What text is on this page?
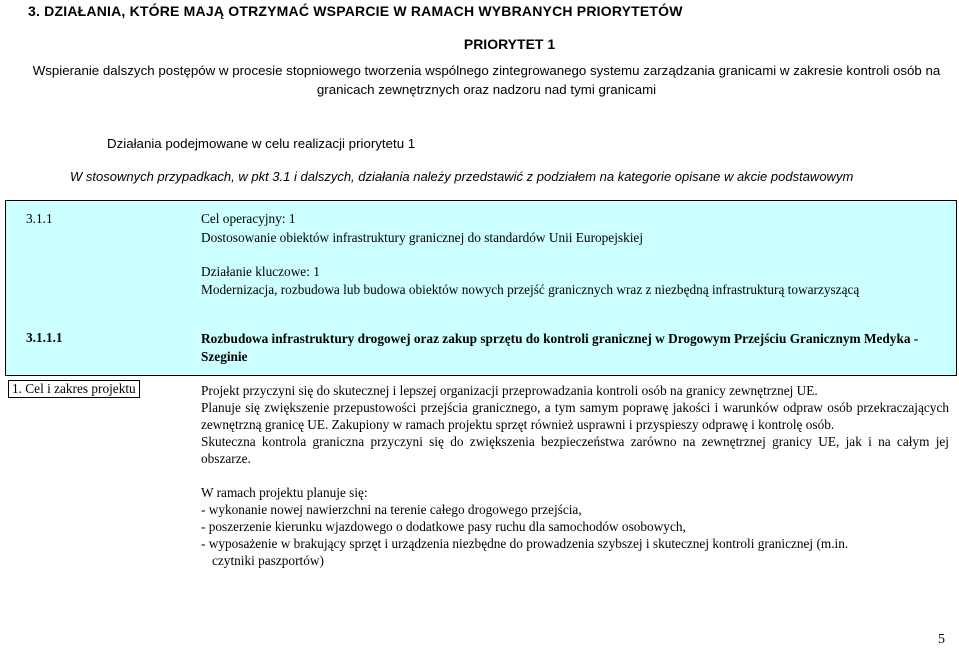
3. DZIAŁANIA, KTÓRE MAJĄ OTRZYMAĆ WSPARCIE W RAMACH WYBRANYCH PRIORYTETÓW
PRIORYTET 1
Wspieranie dalszych postępów w procesie stopniowego tworzenia wspólnego zintegrowanego systemu zarządzania granicami w zakresie kontroli osób na granicach zewnętrznych oraz nadzoru nad tymi granicami
Działania podejmowane w celu realizacji priorytetu 1
W stosownych przypadkach, w pkt 3.1 i dalszych, działania należy przedstawić z podziałem na kategorie opisane w akcie podstawowym
3.1.1	Cel operacyjny: 1
Dostosowanie obiektów infrastruktury granicznej do standardów Unii Europejskiej
Działanie kluczowe: 1
Modernizacja, rozbudowa lub budowa obiektów nowych przejść granicznych wraz z niezbędną infrastrukturą towarzyszącą
3.1.1.1	Rozbudowa infrastruktury drogowej oraz zakup sprzętu do kontroli granicznej w Drogowym Przejściu Granicznym Medyka - Szeginie
1. Cel i zakres projektu	Projekt przyczyni się do skutecznej i lepszej organizacji przeprowadzania kontroli osób na granicy zewnętrznej UE.

Planuje się zwiększenie przepustowości przejścia granicznego, a tym samym poprawę jakości i warunków odpraw osób przekraczających zewnętrzną granicę UE. Zakupiony w ramach projektu sprzęt również usprawni i przyspieszy odprawę i kontrolę osób.

Skuteczna kontrola graniczna przyczyni się do zwiększenia bezpieczeństwa zarówno na zewnętrznej granicy UE, jak i na całym jej obszarze.

W ramach projektu planuje się:

- wykonanie nowej nawierzchni na terenie całego drogowego przejścia,

- poszerzenie kierunku wjazdowego o dodatkowe pasy ruchu dla samochodów osobowych,

- wyposażenie w brakujący sprzęt i urządzenia niezbędne do prowadzenia szybszej i skutecznej kontroli granicznej (m.in.

czytniki paszportów)

5
